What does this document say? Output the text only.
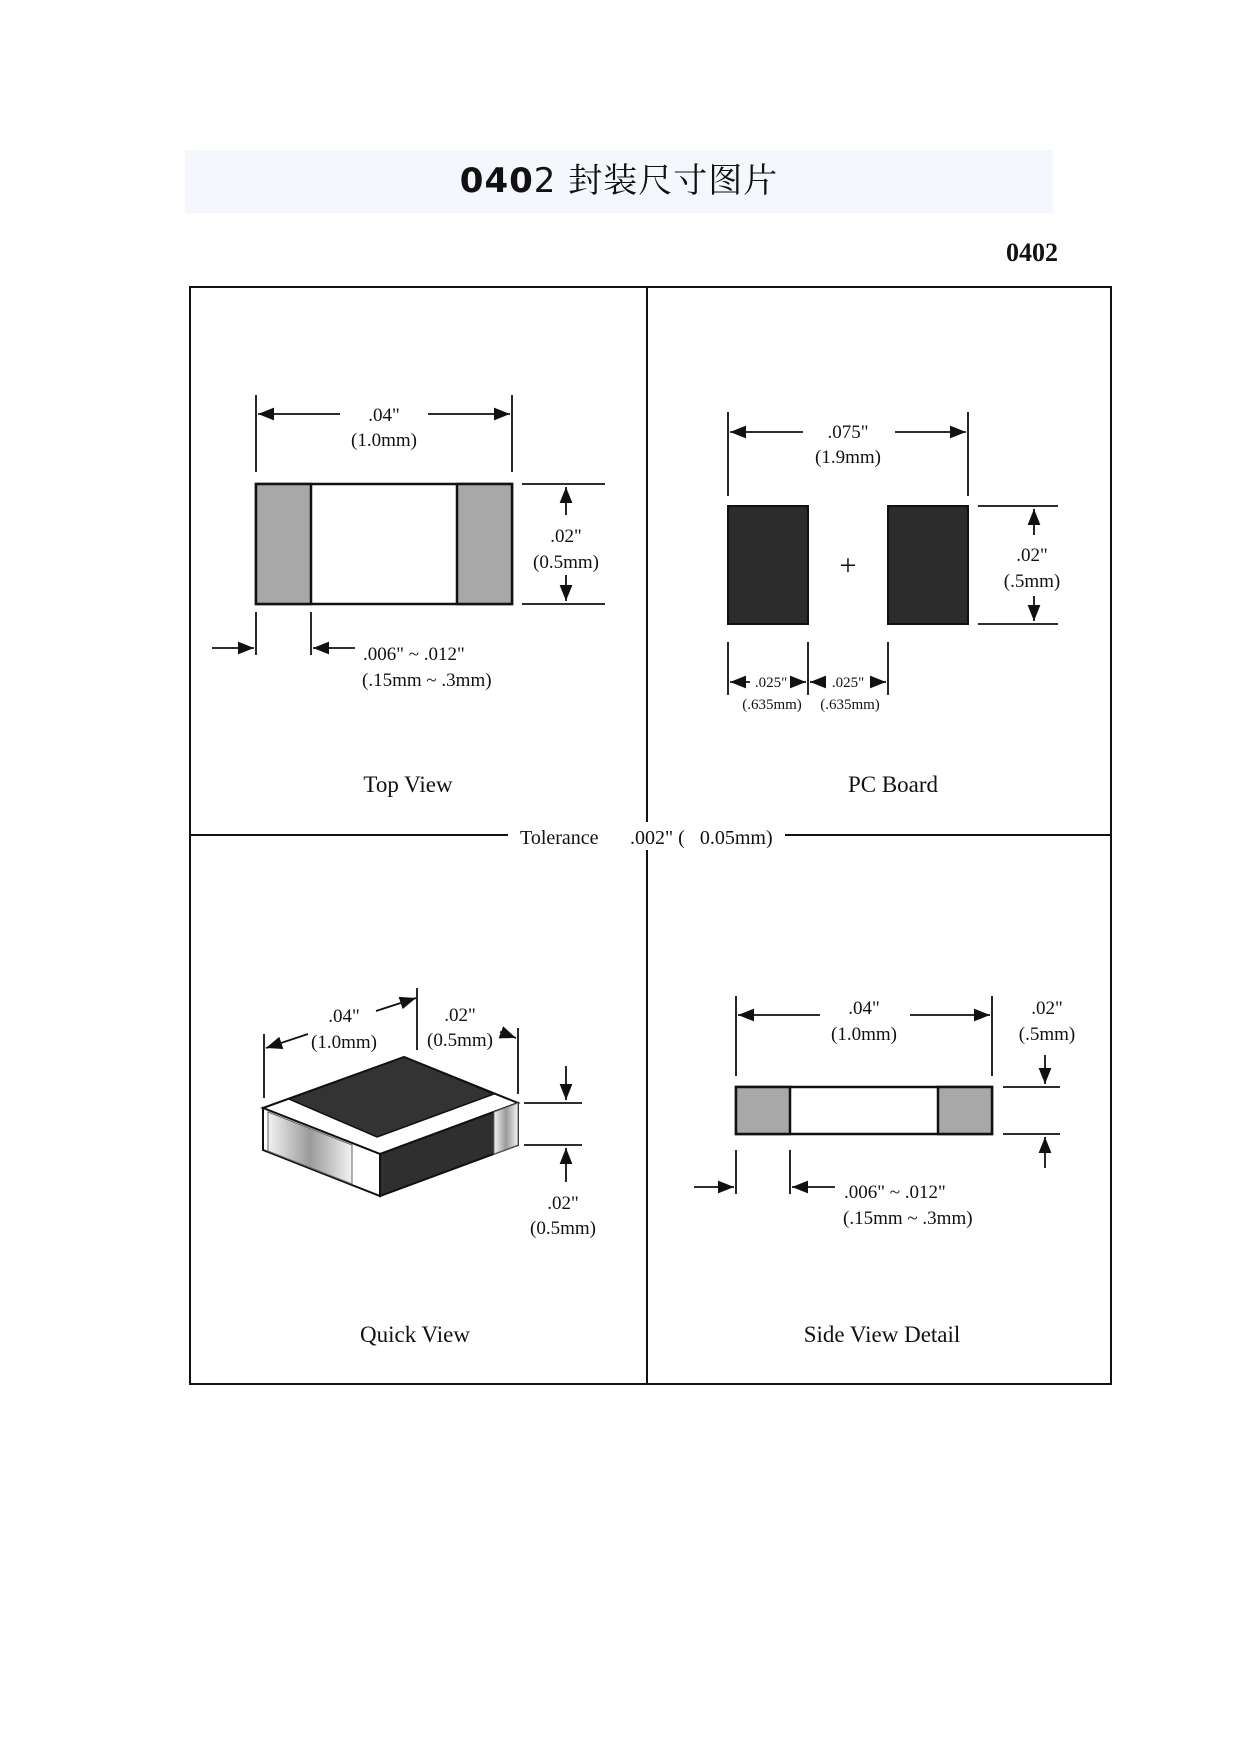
0402 封装尺寸图片
0402
.04"
(1.0mm)
.02"
(0.5mm)
.006" ~ .012"
(.15mm ~ .3mm)
Top View
+
.075"
(1.9mm)
.02"
(.5mm)
.025"	.025"
(.635mm) (.635mm)
PC Board
Tolerance .002" (   0.05mm)
.04"
(1.0mm)
.02"
(0.5mm)
.02"
(0.5mm)
Quick View
.04"
(1.0mm)
.02"
(.5mm)
.006" ~ .012"
(.15mm ~ .3mm)
Side View Detail
